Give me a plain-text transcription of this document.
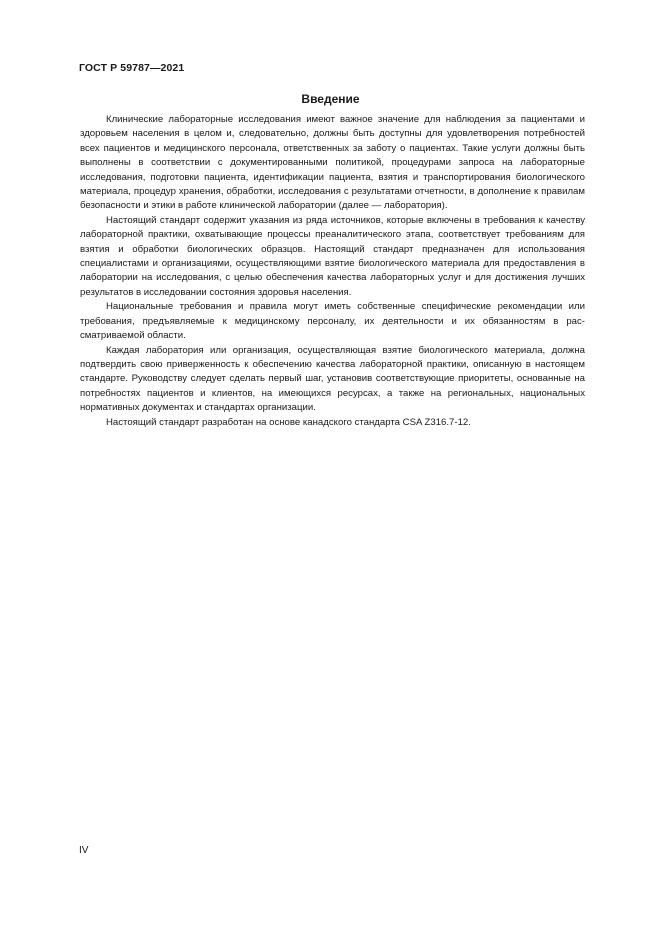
ГОСТ Р 59787—2021
Введение

Клинические лабораторные исследования имеют важное значение для наблюдения за пациентами и здоровьем населения в целом и, следовательно, должны быть доступны для удовлетворения потребностей всех пациентов и медицинского персонала, ответственных за заботу о пациентах. Такие услуги должны быть выполнены в соответствии с документированными политикой, процедурами запроса на лабораторные исследования, подготовки пациента, идентификации пациента, взятия и транспортирования биологического материала, процедур хранения, обработки, исследования с результатами отчетности, в дополнение к правилам безопасности и этики в работе клинической лаборатории (далее — лаборатория).

Настоящий стандарт содержит указания из ряда источников, которые включены в требования к качеству лабораторной практики, охватывающие процессы преаналитического этапа, соответствует требованиям для взятия и обработки биологических образцов. Настоящий стандарт предназначен для использования специалистами и организациями, осуществляющими взятие биологического материала для предоставления в лаборатории на исследования, с целью обеспечения качества лабораторных услуг и для достижения лучших результатов в исследовании состояния здоровья населения.

Национальные требования и правила могут иметь собственные специфические рекомендации или требования, предъявляемые к медицинскому персоналу, их деятельности и их обязанностям в рассматриваемой области.

Каждая лаборатория или организация, осуществляющая взятие биологического материала, должна подтвердить свою приверженность к обеспечению качества лабораторной практики, описанную в настоящем стандарте. Руководству следует сделать первый шаг, установив соответствующие приоритеты, основанные на потребностях пациентов и клиентов, на имеющихся ресурсах, а также на региональных, национальных нормативных документах и стандартах организации.

Настоящий стандарт разработан на основе канадского стандарта CSA Z316.7-12.

IV
